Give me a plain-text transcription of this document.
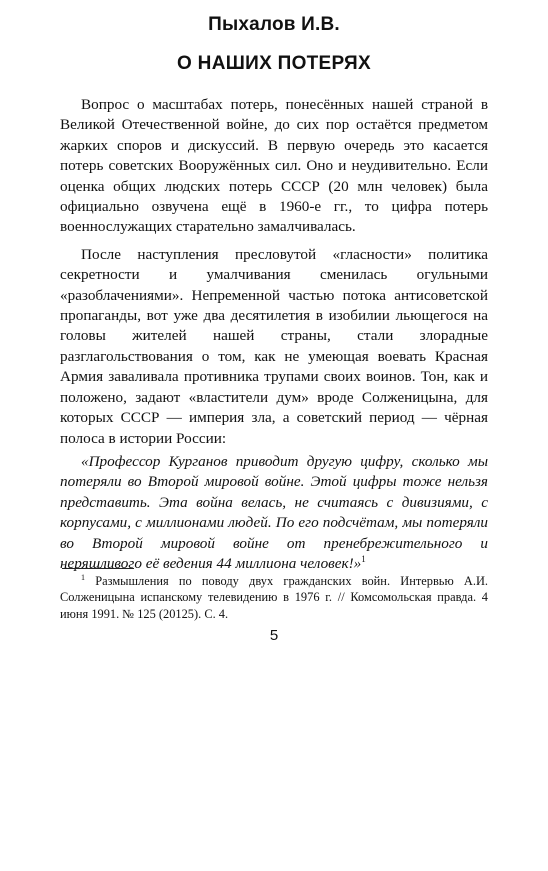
Пыхалов И.В.
О НАШИХ ПОТЕРЯХ

Вопрос о масштабах потерь, понесённых нашей страной в Великой Отечественной войне, до сих пор остаётся предметом жарких споров и дискуссий. В первую очередь это касается потерь советских Вооружённых сил. Оно и неудивительно. Если оценка общих людских потерь СССР (20 млн человек) была официально озвучена ещё в 1960-е гг., то цифра потерь военнослужащих старательно замалчивалась.

После наступления пресловутой «гласности» политика секретности и умалчивания сменилась огульными «разоблачениями». Непременной частью потока антисоветской пропаганды, вот уже два десятилетия в изобилии льющегося на головы жителей нашей страны, стали злорадные разглагольствования о том, как не умеющая воевать Красная Армия заваливала противника трупами своих воинов. Тон, как и положено, задают «властители дум» вроде Солженицына, для которых СССР — империя зла, а советский период — чёрная полоса в истории России:

«Профессор Курганов приводит другую цифру, сколько мы потеряли во Второй мировой войне. Этой цифры тоже нельзя представить. Эта война велась, не считаясь с дивизиями, с корпусами, с миллионами людей. По его подсчётам, мы потеряли во Второй мировой войне от пренебрежительного и неряшливого её ведения 44 миллиона человек!»$^1$

$^1$ Размышления по поводу двух гражданских войн. Интервью А.И. Солженицына испанскому телевидению в 1976 г. // Комсомольская правда. 4 июня 1991. № 125 (20125). С. 4.
5
